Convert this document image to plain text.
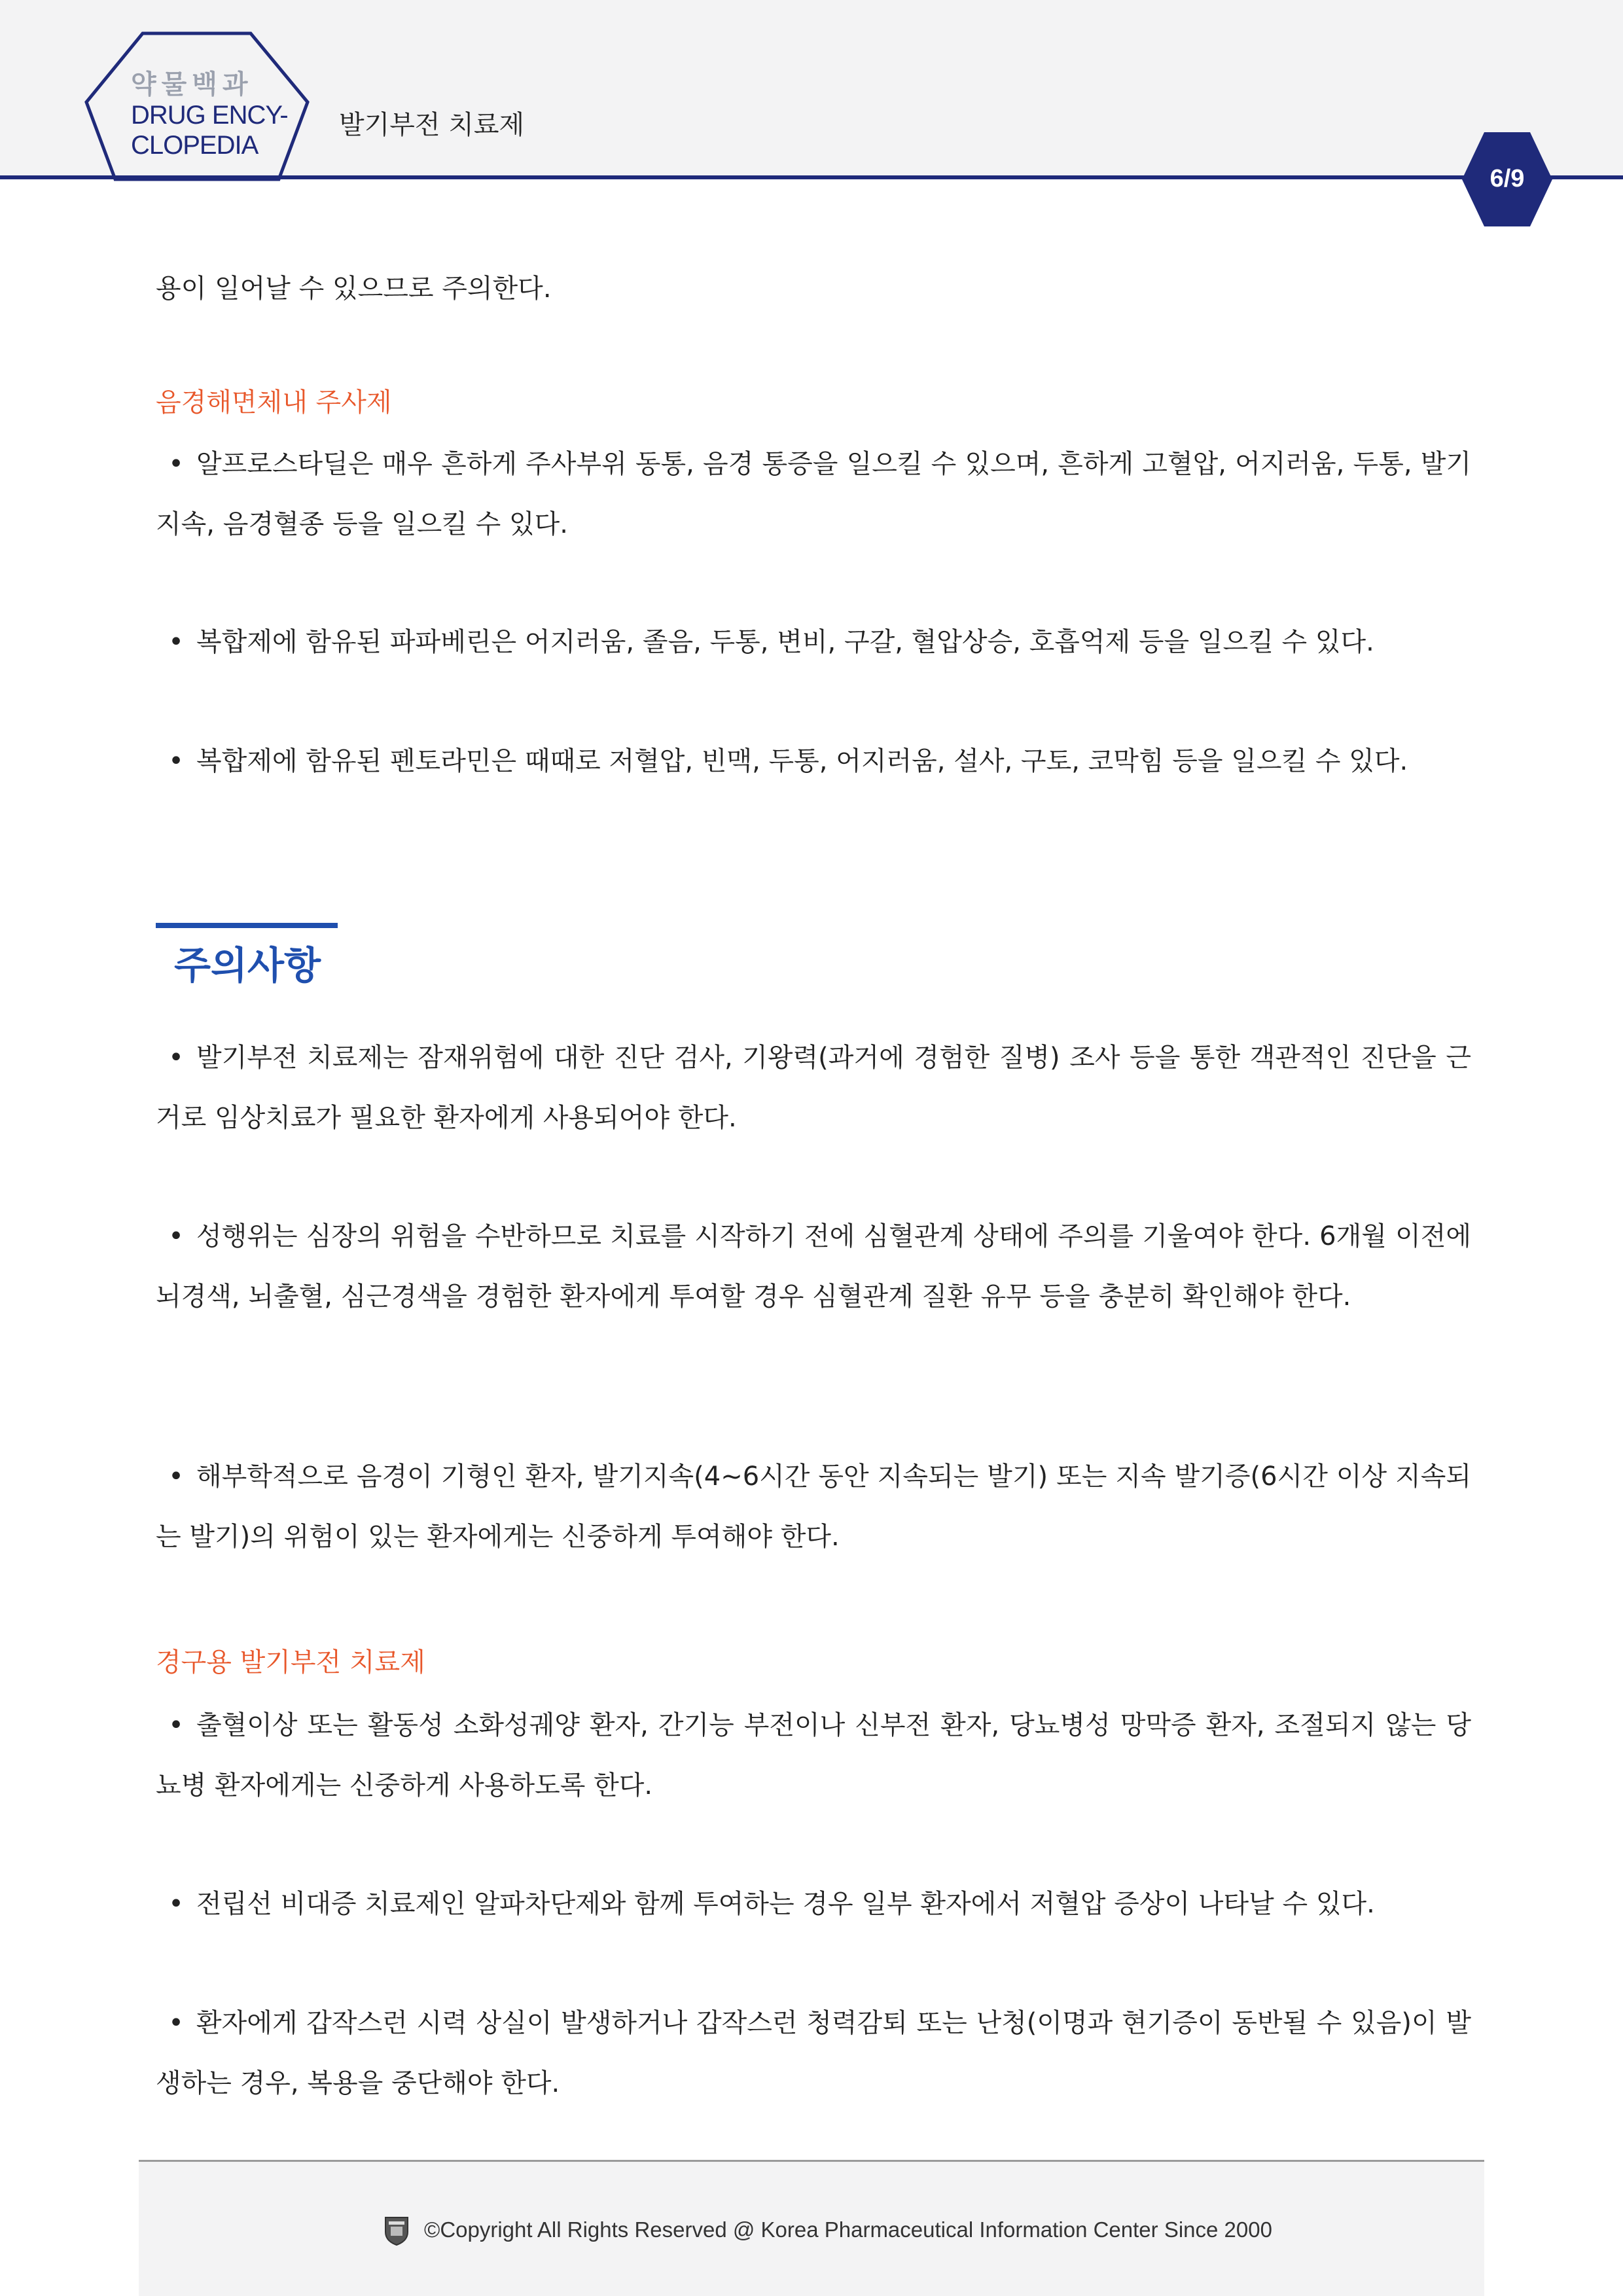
약물백과
DRUG ENCY-
CLOPEDIA
발기부전 치료제
6/9
용이 일어날 수 있으므로 주의한다.
음경해면체내 주사제
• 알프로스타딜은 매우 흔하게 주사부위 동통, 음경 통증을 일으킬 수 있으며, 흔하게 고혈압, 어지러움, 두통, 발기지속, 음경혈종 등을 일으킬 수 있다.
• 복합제에 함유된 파파베린은 어지러움, 졸음, 두통, 변비, 구갈, 혈압상승, 호흡억제 등을 일으킬 수 있다.
• 복합제에 함유된 펜토라민은 때때로 저혈압, 빈맥, 두통, 어지러움, 설사, 구토, 코막힘 등을 일으킬 수 있다.
주의사항
• 발기부전 치료제는 잠재위험에 대한 진단 검사, 기왕력(과거에 경험한 질병) 조사 등을 통한 객관적인 진단을 근거로 임상치료가 필요한 환자에게 사용되어야 한다.
• 성행위는 심장의 위험을 수반하므로 치료를 시작하기 전에 심혈관계 상태에 주의를 기울여야 한다. 6개월 이전에 뇌경색, 뇌출혈, 심근경색을 경험한 환자에게 투여할 경우 심혈관계 질환 유무 등을 충분히 확인해야 한다.
• 해부학적으로 음경이 기형인 환자, 발기지속(4~6시간 동안 지속되는 발기) 또는 지속 발기증(6시간 이상 지속되는 발기)의 위험이 있는 환자에게는 신중하게 투여해야 한다.
경구용 발기부전 치료제
• 출혈이상 또는 활동성 소화성궤양 환자, 간기능 부전이나 신부전 환자, 당뇨병성 망막증 환자, 조절되지 않는 당뇨병 환자에게는 신중하게 사용하도록 한다.
• 전립선 비대증 치료제인 알파차단제와 함께 투여하는 경우 일부 환자에서 저혈압 증상이 나타날 수 있다.
• 환자에게 갑작스런 시력 상실이 발생하거나 갑작스런 청력감퇴 또는 난청(이명과 현기증이 동반될 수 있음)이 발생하는 경우, 복용을 중단해야 한다.
©Copyright All Rights Reserved @ Korea Pharmaceutical Information Center Since 2000
